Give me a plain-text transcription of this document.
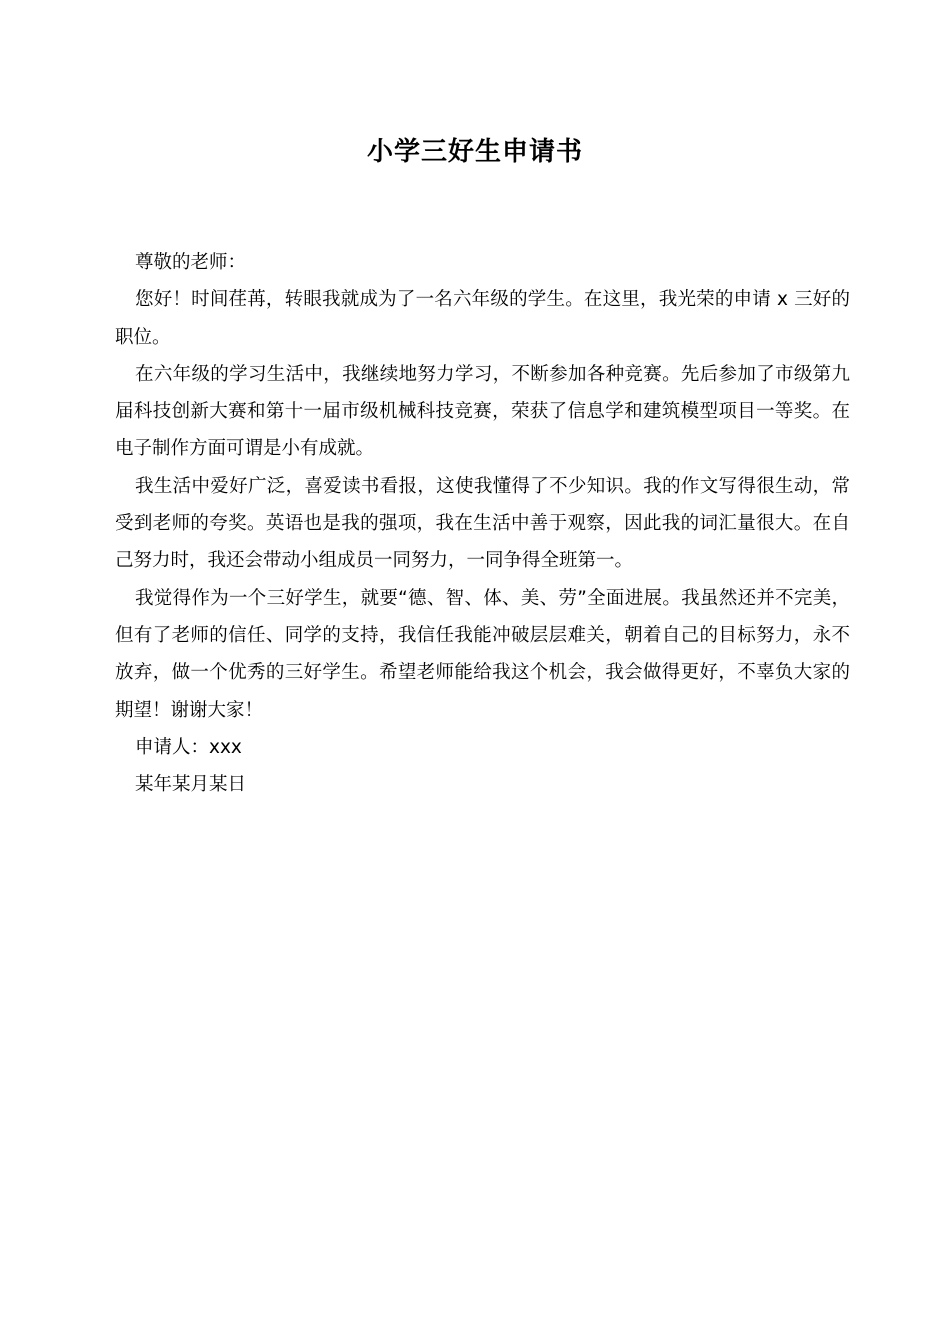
小学三好生申请书

尊敬的老师：

您好！时间荏苒，转眼我就成为了一名六年级的学生。在这里，我光荣的申请 x 三好的职位。

在六年级的学习生活中，我继续地努力学习，不断参加各种竞赛。先后参加了市级第九届科技创新大赛和第十一届市级机械科技竞赛，荣获了信息学和建筑模型项目一等奖。在电子制作方面可谓是小有成就。

我生活中爱好广泛，喜爱读书看报，这使我懂得了不少知识。我的作文写得很生动，常受到老师的夸奖。英语也是我的强项，我在生活中善于观察，因此我的词汇量很大。在自己努力时，我还会带动小组成员一同努力，一同争得全班第一。

我觉得作为一个三好学生，就要“德、智、体、美、劳”全面进展。我虽然还并不完美，但有了老师的信任、同学的支持，我信任我能冲破层层难关，朝着自己的目标努力，永不放弃，做一个优秀的三好学生。希望老师能给我这个机会，我会做得更好，不辜负大家的期望！谢谢大家！

申请人：xxx

某年某月某日
